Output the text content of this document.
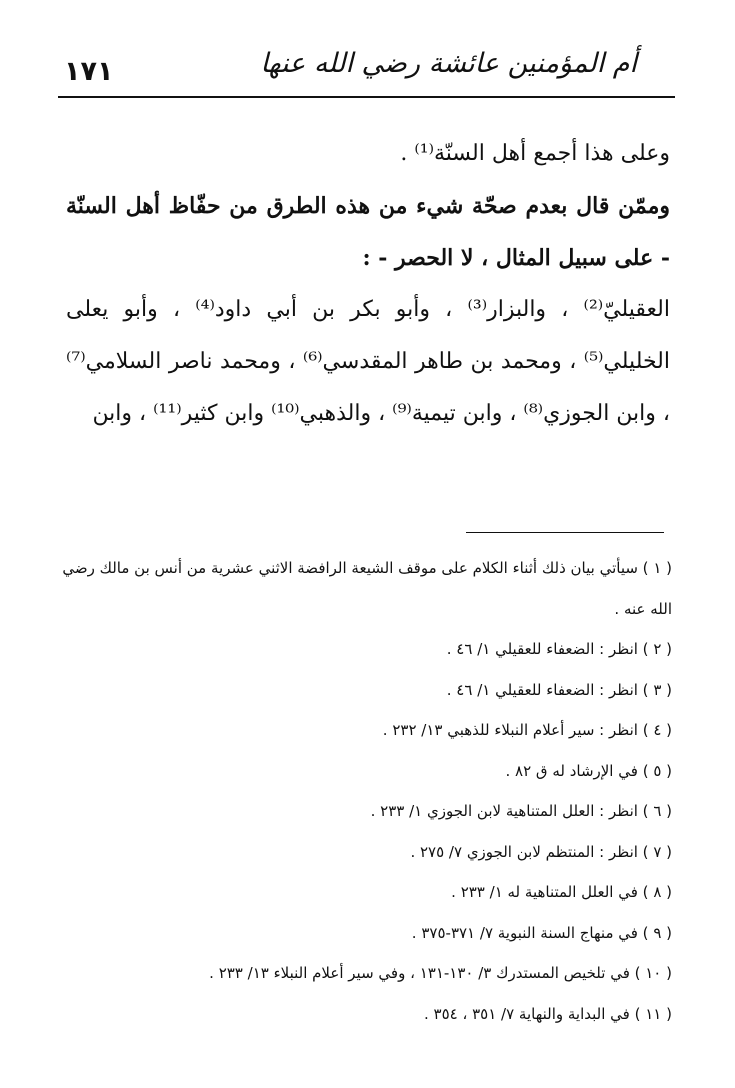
١٧١	أم المؤمنين عائشة رضي الله عنها

وعلى هذا أجمع أهل السنّة⁽¹⁾ .

وممّن قال بعدم صحّة شيء من هذه الطرق من حفّاظ أهل السنّة - على سبيل المثال ، لا الحصر - :

العقيليّ⁽²⁾ ، والبزار⁽³⁾ ، وأبو بكر بن أبي داود⁽⁴⁾ ، وأبو يعلى الخليلي⁽⁵⁾ ، ومحمد بن طاهر المقدسي⁽⁶⁾ ، ومحمد ناصر السلامي⁽⁷⁾ ، وابن الجوزي⁽⁸⁾ ، وابن تيمية⁽⁹⁾ ، والذهبي⁽¹⁰⁾ وابن كثير⁽¹¹⁾ ، وابن

( ١ ) سيأتي بيان ذلك أثناء الكلام على موقف الشيعة الرافضة الاثني عشرية من أنس بن مالك رضي الله عنه .

( ٢ ) انظر : الضعفاء للعقيلي ١/ ٤٦ .

( ٣ ) انظر : الضعفاء للعقيلي ١/ ٤٦ .

( ٤ ) انظر : سير أعلام النبلاء للذهبي ١٣/ ٢٣٢ .

( ٥ ) في الإرشاد له ق ٨٢ .

( ٦ ) انظر : العلل المتناهية لابن الجوزي ١/ ٢٣٣ .

( ٧ ) انظر : المنتظم لابن الجوزي ٧/ ٢٧٥ .

( ٨ ) في العلل المتناهية له ١/ ٢٣٣ .

( ٩ ) في منهاج السنة النبوية ٧/ ٣٧١-٣٧٥ .

( ١٠ ) في تلخيص المستدرك ٣/ ١٣٠-١٣١ ، وفي سير أعلام النبلاء ١٣/ ٢٣٣ .

( ١١ ) في البداية والنهاية ٧/ ٣٥١ ، ٣٥٤ .
